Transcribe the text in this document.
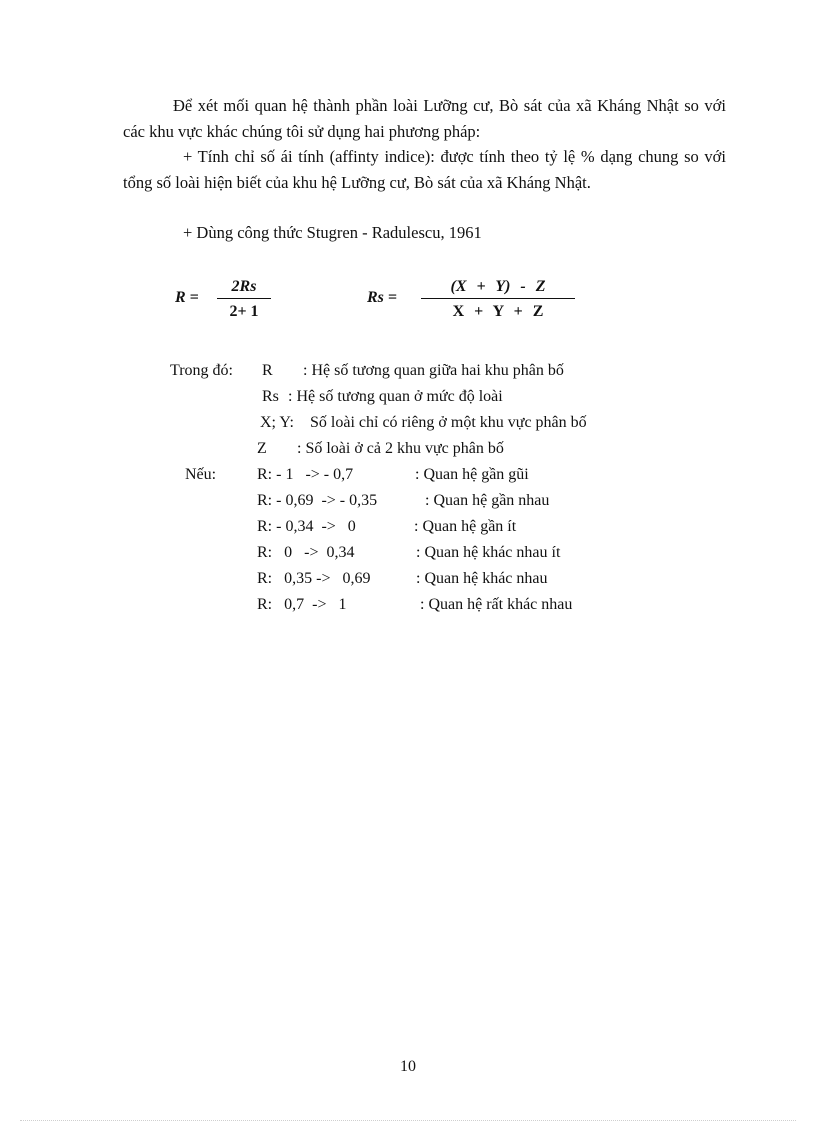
Để xét mối quan hệ thành phần loài Lưỡng cư, Bò sát của xã Kháng Nhật so với các khu vực khác chúng tôi sử dụng hai phương pháp:
+ Tính chỉ số ái tính (affinty indice): được tính theo tỷ lệ % dạng chung so với tổng số loài hiện biết của khu hệ Lưỡng cư, Bò sát của xã Kháng Nhật.
+ Dùng công thức Stugren - Radulescu, 1961
R =
2Rs
2+ 1
Rs =
(X + Y) - Z
X + Y + Z
Trong đó: R : Hệ số tương quan giữa hai khu phân bố
Rs : Hệ số tương quan ở mức độ loài
X; Y: Số loài chỉ có riêng ở một khu vực phân bố
Z : Số loài ở cả 2 khu vực phân bố
Nếu:	R: - 1   -> - 0,7	: Quan hệ gần gũi
R: - 0,69  -> - 0,35	: Quan hệ gần nhau
R: - 0,34  ->   0	: Quan hệ gần ít
R:   0   ->  0,34	: Quan hệ khác nhau ít
R:   0,35 ->   0,69	: Quan hệ khác nhau
R:   0,7  ->   1	: Quan hệ rất khác nhau
10
